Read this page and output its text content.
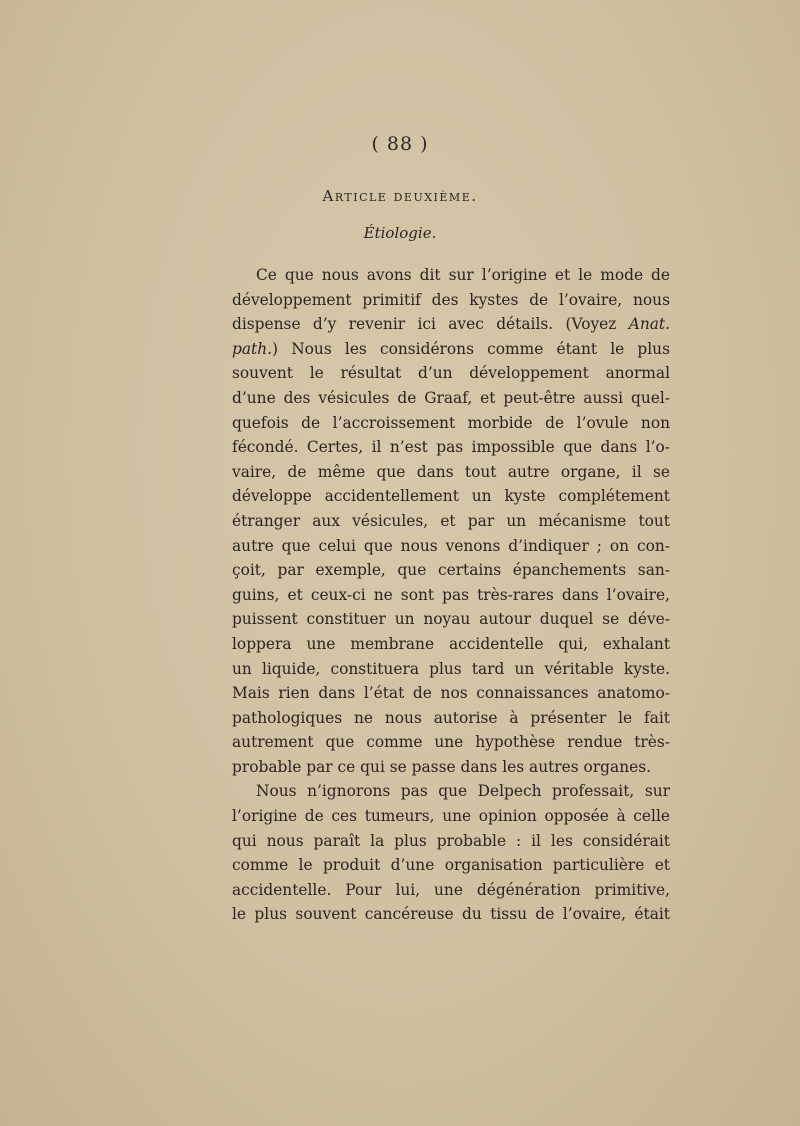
( 88 )
Article deuxième.
Étiologie.
Ce que nous avons dit sur l’origine et le mode de
développement primitif des kystes de l’ovaire, nous
dispense d’y revenir ici avec détails. (Voyez Anat.
path.) Nous les considérons comme étant le plus
souvent le résultat d’un développement anormal
d’une des vésicules de Graaf, et peut-être aussi quel-
quefois de l’accroissement morbide de l’ovule non
fécondé. Certes, il n’est pas impossible que dans l’o-
vaire, de même que dans tout autre organe, il se
développe accidentellement un kyste complétement
étranger aux vésicules, et par un mécanisme tout
autre que celui que nous venons d’indiquer ; on con-
çoit, par exemple, que certains épanchements san-
guins, et ceux-ci ne sont pas très-rares dans l’ovaire,
puissent constituer un noyau autour duquel se déve-
loppera une membrane accidentelle qui, exhalant
un liquide, constituera plus tard un véritable kyste.
Mais rien dans l’état de nos connaissances anatomo-
pathologiques ne nous autorise à présenter le fait
autrement que comme une hypothèse rendue très-
probable par ce qui se passe dans les autres organes.
Nous n’ignorons pas que Delpech professait, sur
l’origine de ces tumeurs, une opinion opposée à celle
qui nous paraît la plus probable : il les considérait
comme le produit d’une organisation particulière et
accidentelle. Pour lui, une dégénération primitive,
le plus souvent cancéreuse du tissu de l’ovaire, était
